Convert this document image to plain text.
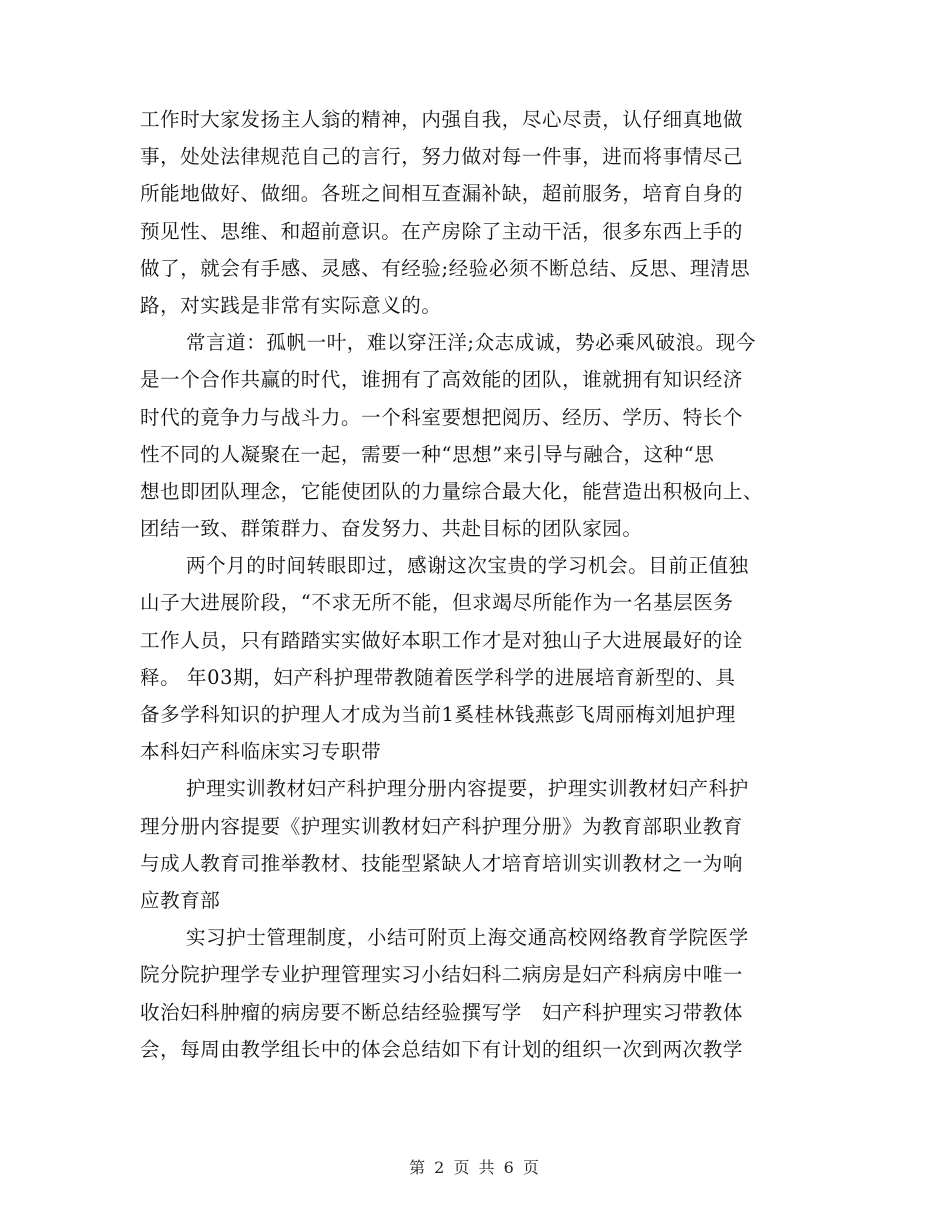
工作时大家发扬主人翁的精神，内强自我，尽心尽责，认仔细真地做
事，处处法律规范自己的言行，努力做对每一件事，进而将事情尽己
所能地做好、做细。各班之间相互查漏补缺，超前服务，培育自身的
预见性、思维、和超前意识。在产房除了主动干活，很多东西上手的
做了，就会有手感、灵感、有经验;经验必须不断总结、反思、理清思
路，对实践是非常有实际意义的。
常言道：孤帆一叶，难以穿汪洋;众志成诚，势必乘风破浪。现今
是一个合作共赢的时代，谁拥有了高效能的团队，谁就拥有知识经济
时代的竟争力与战斗力。一个科室要想把阅历、经历、学历、特长个
性不同的人凝聚在一起，需要一种“思想”来引导与融合，这种“思
想也即团队理念，它能使团队的力量综合最大化，能营造出积极向上、
团结一致、群策群力、奋发努力、共赴目标的团队家园。
两个月的时间转眼即过，感谢这次宝贵的学习机会。目前正值独
山子大进展阶段，“不求无所不能，但求竭尽所能作为一名基层医务
工作人员，只有踏踏实实做好本职工作才是对独山子大进展最好的诠
释。 年03期，妇产科护理带教随着医学科学的进展培育新型的、具
备多学科知识的护理人才成为当前1奚桂林钱燕彭飞周丽梅刘旭护理
本科妇产科临床实习专职带
护理实训教材妇产科护理分册内容提要，护理实训教材妇产科护
理分册内容提要《护理实训教材妇产科护理分册》为教育部职业教育
与成人教育司推举教材、技能型紧缺人才培育培训实训教材之一为响
应教育部
实习护士管理制度，小结可附页上海交通高校网络教育学院医学
院分院护理学专业护理管理实习小结妇科二病房是妇产科病房中唯一
收治妇科肿瘤的病房要不断总结经验撰写学　妇产科护理实习带教体
会，每周由教学组长中的体会总结如下有计划的组织一次到两次教学
第 2 页 共 6 页
